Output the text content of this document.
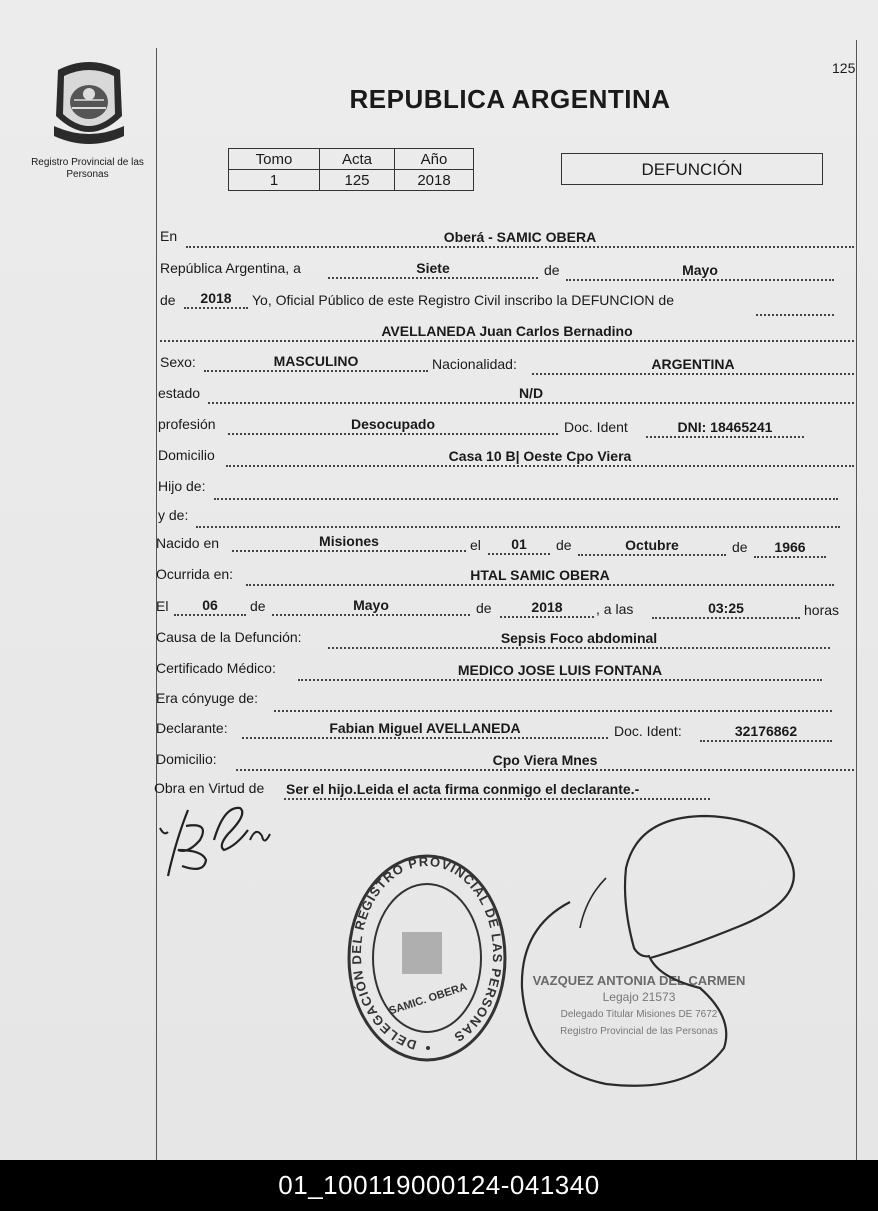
Registro Provincial de las Personas
125
REPUBLICA ARGENTINA
Tomo	Acta	Año
1	125	2018
DEFUNCIÓN
En	Oberá - SAMIC OBERA
República Argentina, a	Siete	de	Mayo
de	2018	Yo, Oficial Público de este Registro Civil inscribo la DEFUNCION de
AVELLANEDA Juan Carlos Bernadino
Sexo:	MASCULINO	Nacionalidad:	ARGENTINA
estado	N/D
profesión	Desocupado	Doc. Ident	DNI: 18465241
Domicilio	Casa 10 B| Oeste Cpo Viera
Hijo de:
y de:
Nacido en	Misiones	el	01	de	Octubre	de	1966
Ocurrida en:	HTAL SAMIC OBERA
El	06	de	Mayo	de	2018	, a las	03:25	horas
Causa de la Defunción:	Sepsis Foco abdominal
Certificado Médico:	MEDICO JOSE LUIS FONTANA
Era cónyuge de:
Declarante:	Fabian Miguel AVELLANEDA	Doc. Ident:	32176862
Domicilio:	Cpo Viera Mnes
Obra en Virtud de Ser el hijo.Leida el acta firma conmigo el declarante.-
DELEGACIÓN DEL REGISTRO PROVINCIAL DE LAS PERSONAS
SAMIC. OBERA
VAZQUEZ ANTONIA DEL CARMEN
Legajo 21573
Delegado Titular Misiones DE 7672
Registro Provincial de las Personas
01_100119000124-041340
